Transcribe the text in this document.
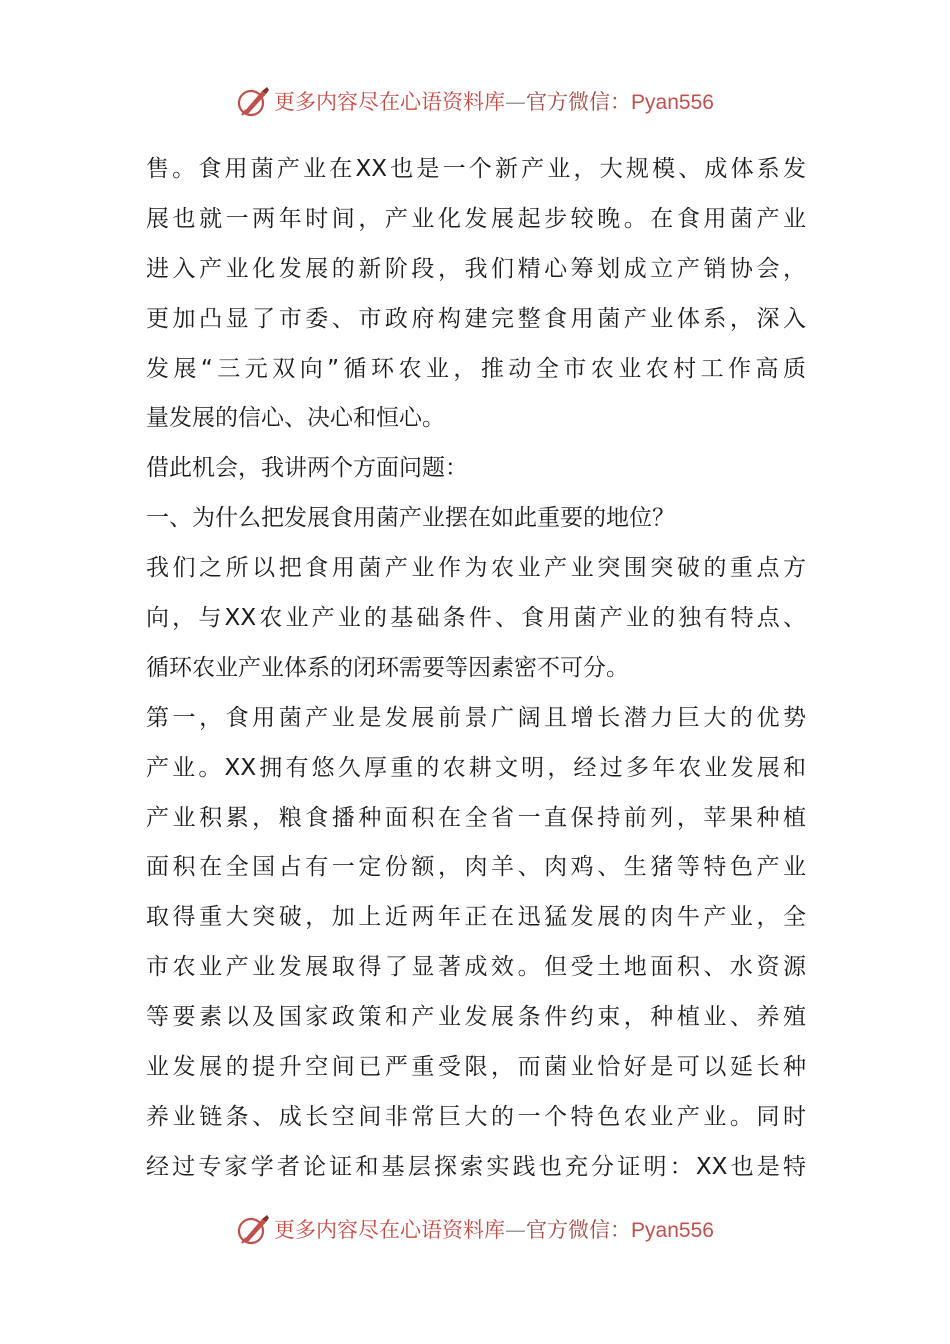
更多内容尽在心语资料库—官方微信：Pyan556
售。食用菌产业在XX也是一个新产业，大规模、成体系发
展也就一两年时间，产业化发展起步较晚。在食用菌产业
进入产业化发展的新阶段，我们精心筹划成立产销协会，
更加凸显了市委、市政府构建完整食用菌产业体系，深入
发展“三元双向”循环农业，推动全市农业农村工作高质
量发展的信心、决心和恒心。
借此机会，我讲两个方面问题：
一、为什么把发展食用菌产业摆在如此重要的地位？
我们之所以把食用菌产业作为农业产业突围突破的重点方
向，与XX农业产业的基础条件、食用菌产业的独有特点、
循环农业产业体系的闭环需要等因素密不可分。
第一，食用菌产业是发展前景广阔且增长潜力巨大的优势
产业。XX拥有悠久厚重的农耕文明，经过多年农业发展和
产业积累，粮食播种面积在全省一直保持前列，苹果种植
面积在全国占有一定份额，肉羊、肉鸡、生猪等特色产业
取得重大突破，加上近两年正在迅猛发展的肉牛产业，全
市农业产业发展取得了显著成效。但受土地面积、水资源
等要素以及国家政策和产业发展条件约束，种植业、养殖
业发展的提升空间已严重受限，而菌业恰好是可以延长种
养业链条、成长空间非常巨大的一个特色农业产业。同时
经过专家学者论证和基层探索实践也充分证明：XX也是特
更多内容尽在心语资料库—官方微信：Pyan556
